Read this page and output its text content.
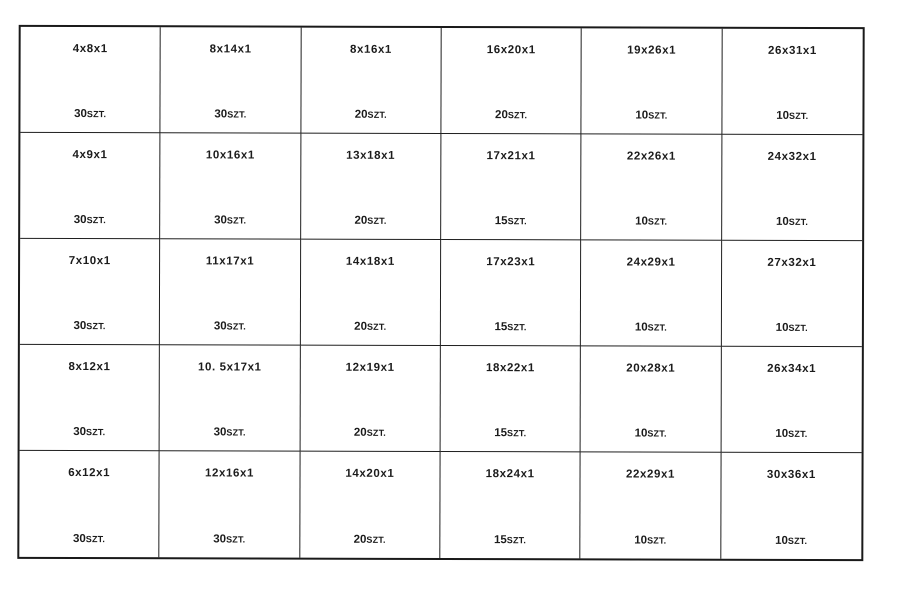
4x8x1
30SZT.
8x14x1
30SZT.
8x16x1
20SZT.
16x20x1
20SZT.
19x26x1
10SZT.
26x31x1
10SZT.
4x9x1
30SZT.
10x16x1
30SZT.
13x18x1
20SZT.
17x21x1
15SZT.
22x26x1
10SZT.
24x32x1
10SZT.
7x10x1
30SZT.
11x17x1
30SZT.
14x18x1
20SZT.
17x23x1
15SZT.
24x29x1
10SZT.
27x32x1
10SZT.
8x12x1
30SZT.
10. 5x17x1
30SZT.
12x19x1
20SZT.
18x22x1
15SZT.
20x28x1
10SZT.
26x34x1
10SZT.
6x12x1
30SZT.
12x16x1
30SZT.
14x20x1
20SZT.
18x24x1
15SZT.
22x29x1
10SZT.
30x36x1
10SZT.
